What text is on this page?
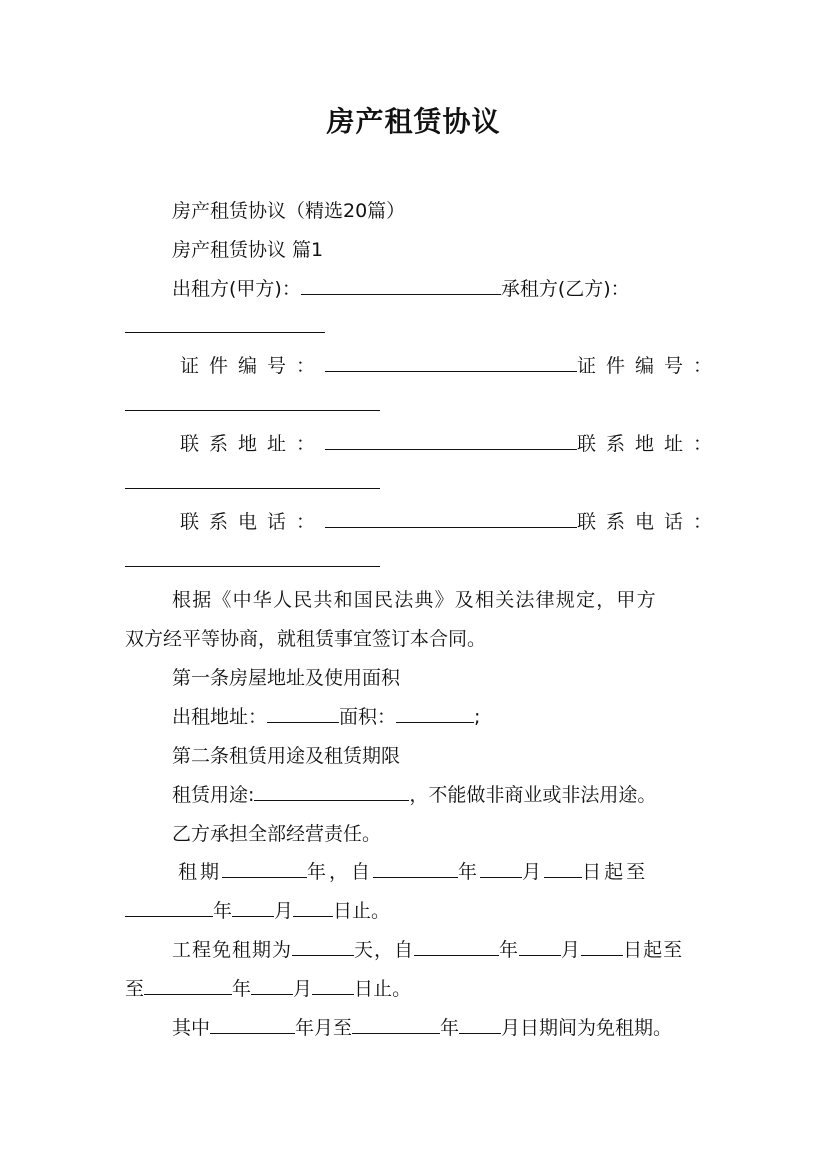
房产租赁协议
房产租赁协议（精选20篇）
房产租赁协议 篇1
出租方(甲方)：	承租方(乙方)：
证件编号：	证件编号：
联系地址：	联系地址：
联系电话：	联系电话：
根据《中华人民共和国民法典》及相关法律规定，甲方
双方经平等协商，就租赁事宜签订本合同。
第一条房屋地址及使用面积
出租地址：	面积：	;
第二条租赁用途及租赁期限
租赁用途:	，不能做非商业或非法用途。
乙方承担全部经营责任。
租期	年，自	年 月 日起至
年 月 日止。
工程免租期为	天，自	年 月 日起至
至	年 月 日止。
其中	年月至	年 月日期间为免租期。
